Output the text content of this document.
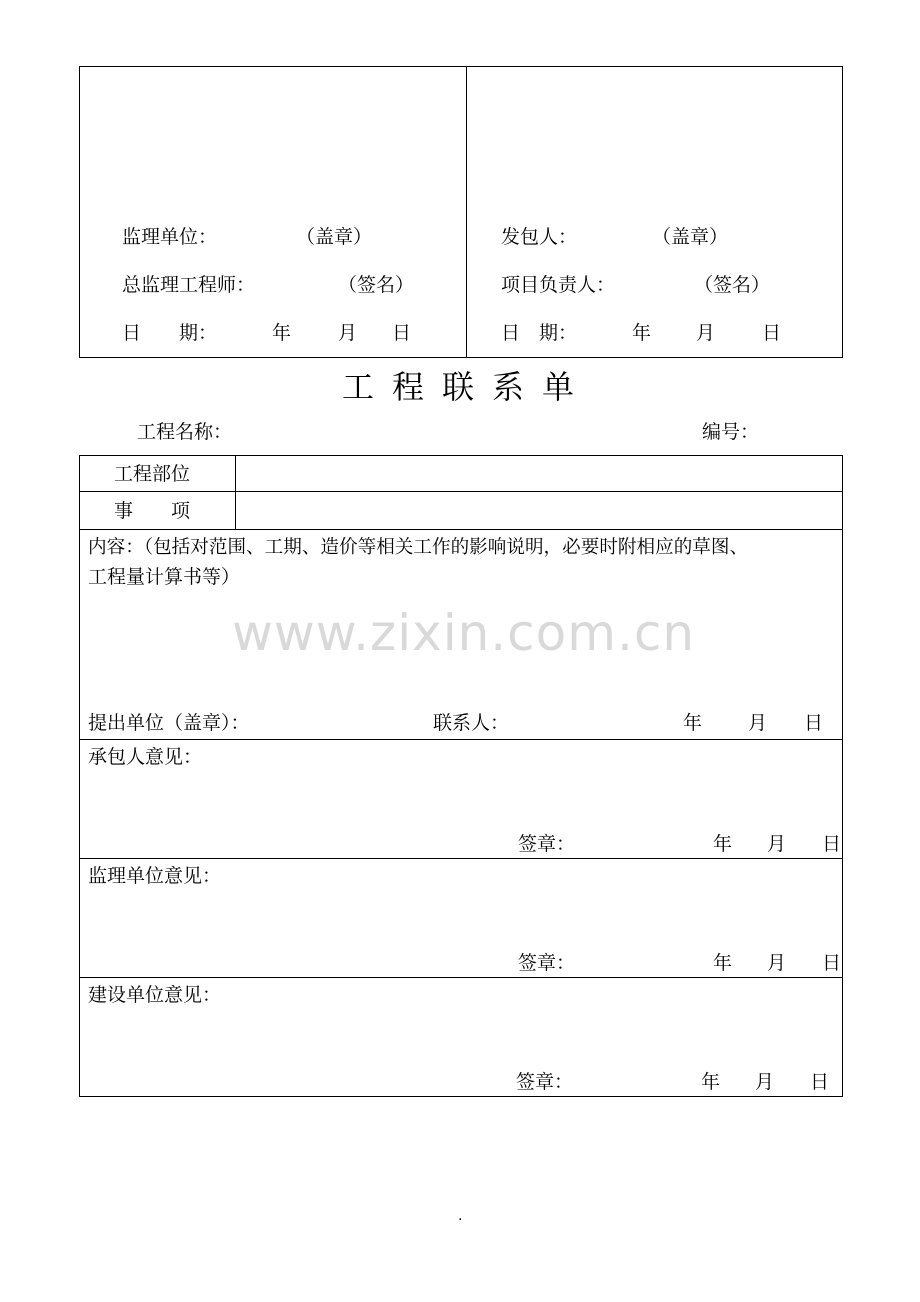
监理单位：	（盖章）
总监理工程师：	（签名）
日　　期：	年 月 日
发包人：	（盖章）
项目负责人：	（签名）
日　期：	年 月 日
工程联系单
工程名称：	编号：
工程部位
事　　项
内容：（包括对范围、工期、造价等相关工作的影响说明，必要时附相应的草图、
工程量计算书等）
www.zixin.com.cn
提出单位（盖章）：	联系人：	年 月 日
承包人意见：
签章：	年 月 日
监理单位意见：
签章：	年 月 日
建设单位意见：
签章：	年 月 日
.
